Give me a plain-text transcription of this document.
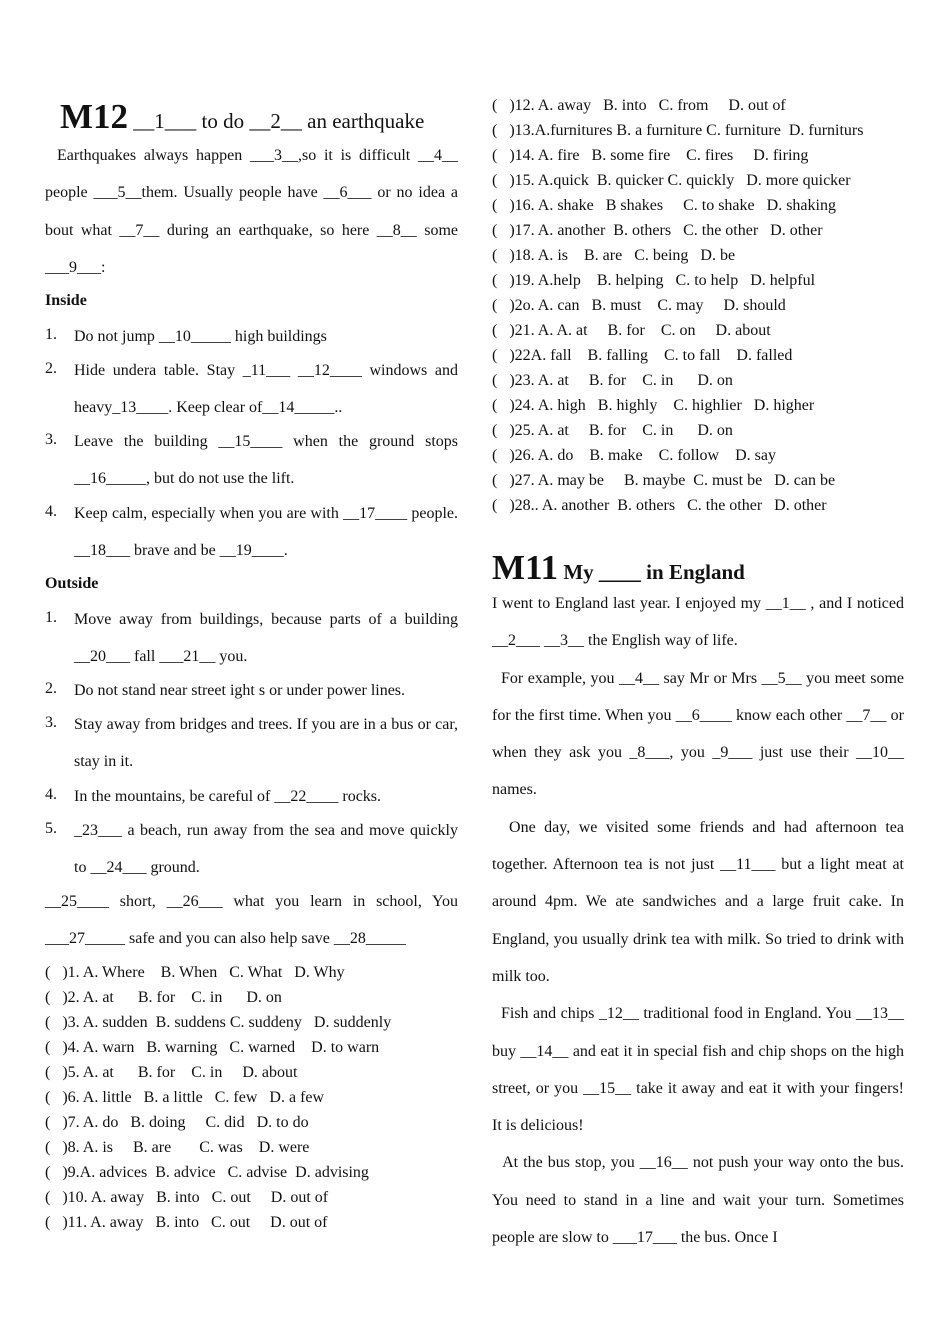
M12 __1___ to do __2__ an earthquake

Earthquakes always happen ___3__,so it is difficult __4__ people ___5__them. Usually people have __6___ or no idea a bout what __7__ during an earthquake, so here __8__ some ___9___:

Inside
1. Do not jump __10_____ high buildings
2. Hide undera table. Stay _11___ __12____ windows and heavy_13____. Keep clear of__14_____..
3. Leave the building __15____ when the ground stops __16_____, but do not use the lift.
4. Keep calm, especially when you are with __17____ people. __18___ brave and be __19____.
Outside
1. Move away from buildings, because parts of a building __20___ fall ___21__ you.
2. Do not stand near street ight s or under power lines.
3. Stay away from bridges and trees. If you are in a bus or car, stay in it.
4. In the mountains, be careful of __22____ rocks.
5. _23___ a beach, run away from the sea and move quickly to __24___ ground.

__25____ short, __26___ what you learn in school, You ___27_____ safe and you can also help save __28_____

(   )1. A. Where    B. When   C. What   D. Why
(   )2. A. at      B. for    C. in      D. on
(   )3. A. sudden  B. suddens C. suddeny   D. suddenly
(   )4. A. warn   B. warning   C. warned    D. to warn
(   )5. A. at      B. for    C. in     D. about
(   )6. A. little   B. a little   C. few   D. a few
(   )7. A. do   B. doing     C. did   D. to do
(   )8. A. is     B. are       C. was    D. were
(   )9.A. advices  B. advice   C. advise  D. advising
(   )10. A. away   B. into   C. out     D. out of
(   )11. A. away   B. into   C. out     D. out of
(   )12. A. away   B. into   C. from     D. out of
(   )13.A.furnitures B. a furniture C. furniture  D. furniturs
(   )14. A. fire   B. some fire    C. fires     D. firing
(   )15. A.quick  B. quicker C. quickly   D. more quicker
(   )16. A. shake   B shakes     C. to shake   D. shaking
(   )17. A. another  B. others   C. the other   D. other
(   )18. A. is    B. are   C. being   D. be
(   )19. A.help    B. helping   C. to help   D. helpful
(   )2o. A. can   B. must    C. may     D. should
(   )21. A. A. at     B. for    C. on     D. about
(   )22A. fall    B. falling    C. to fall    D. falled
(   )23. A. at     B. for    C. in      D. on
(   )24. A. high   B. highly    C. highlier   D. higher
(   )25. A. at     B. for    C. in      D. on
(   )26. A. do    B. make    C. follow    D. say
(   )27. A. may be     B. maybe  C. must be   D. can be
(   )28.. A. another  B. others   C. the other   D. other
M11 My ____ in England

I went to England last year. I enjoyed my __1__ , and I noticed __2___ __3__ the English way of life.

For example, you __4__ say Mr or Mrs __5__ you meet some for the first time. When you __6____ know each other __7__ or when they ask you _8___, you _9___ just use their __10__ names.

One day, we visited some friends and had afternoon tea together. Afternoon tea is not just __11___ but a light meat at around 4pm. We ate sandwiches and a large fruit cake. In England, you usually drink tea with milk. So tried to drink with milk too.

Fish and chips _12__ traditional food in England. You __13__ buy __14__ and eat it in special fish and chip shops on the high street, or you __15__ take it away and eat it with your fingers! It is delicious!

At the bus stop, you __16__ not push your way onto the bus. You need to stand in a line and wait your turn. Sometimes people are slow to ___17___ the bus. Once I
